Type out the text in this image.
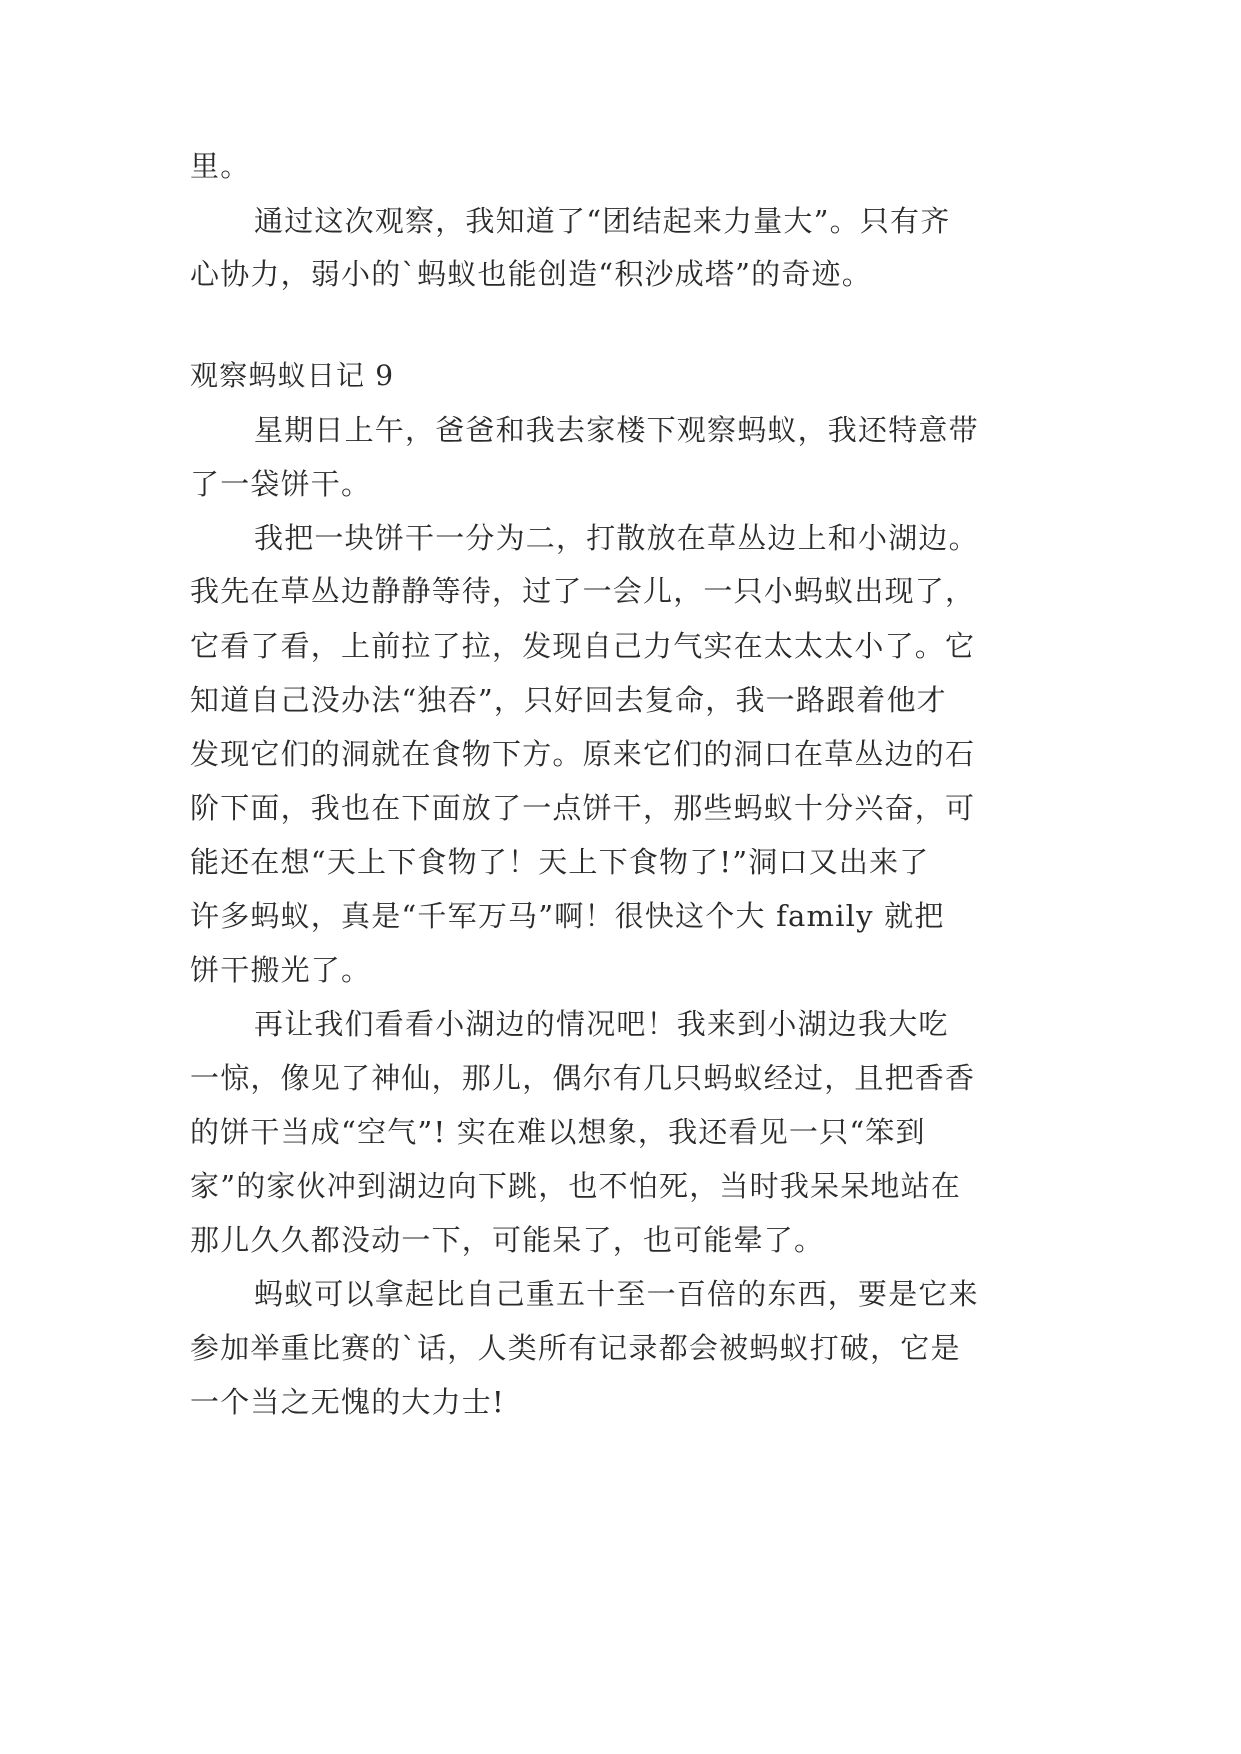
里。
通过这次观察，我知道了“团结起来力量大”。只有齐
心协力，弱小的`蚂蚁也能创造“积沙成塔”的奇迹。
观察蚂蚁日记 9
星期日上午，爸爸和我去家楼下观察蚂蚁，我还特意带
了一袋饼干。
我把一块饼干一分为二，打散放在草丛边上和小湖边。
我先在草丛边静静等待，过了一会儿，一只小蚂蚁出现了，
它看了看，上前拉了拉，发现自己力气实在太太太小了。它
知道自己没办法“独吞”，只好回去复命，我一路跟着他才
发现它们的洞就在食物下方。原来它们的洞口在草丛边的石
阶下面，我也在下面放了一点饼干，那些蚂蚁十分兴奋，可
能还在想“天上下食物了！天上下食物了!”洞口又出来了
许多蚂蚁，真是“千军万马”啊！很快这个大 family 就把
饼干搬光了。
再让我们看看小湖边的情况吧！我来到小湖边我大吃
一惊，像见了神仙，那儿，偶尔有几只蚂蚁经过，且把香香
的饼干当成“空气”! 实在难以想象，我还看见一只“笨到
家”的家伙冲到湖边向下跳，也不怕死，当时我呆呆地站在
那儿久久都没动一下，可能呆了，也可能晕了。
蚂蚁可以拿起比自己重五十至一百倍的东西，要是它来
参加举重比赛的`话，人类所有记录都会被蚂蚁打破，它是
一个当之无愧的大力士!
